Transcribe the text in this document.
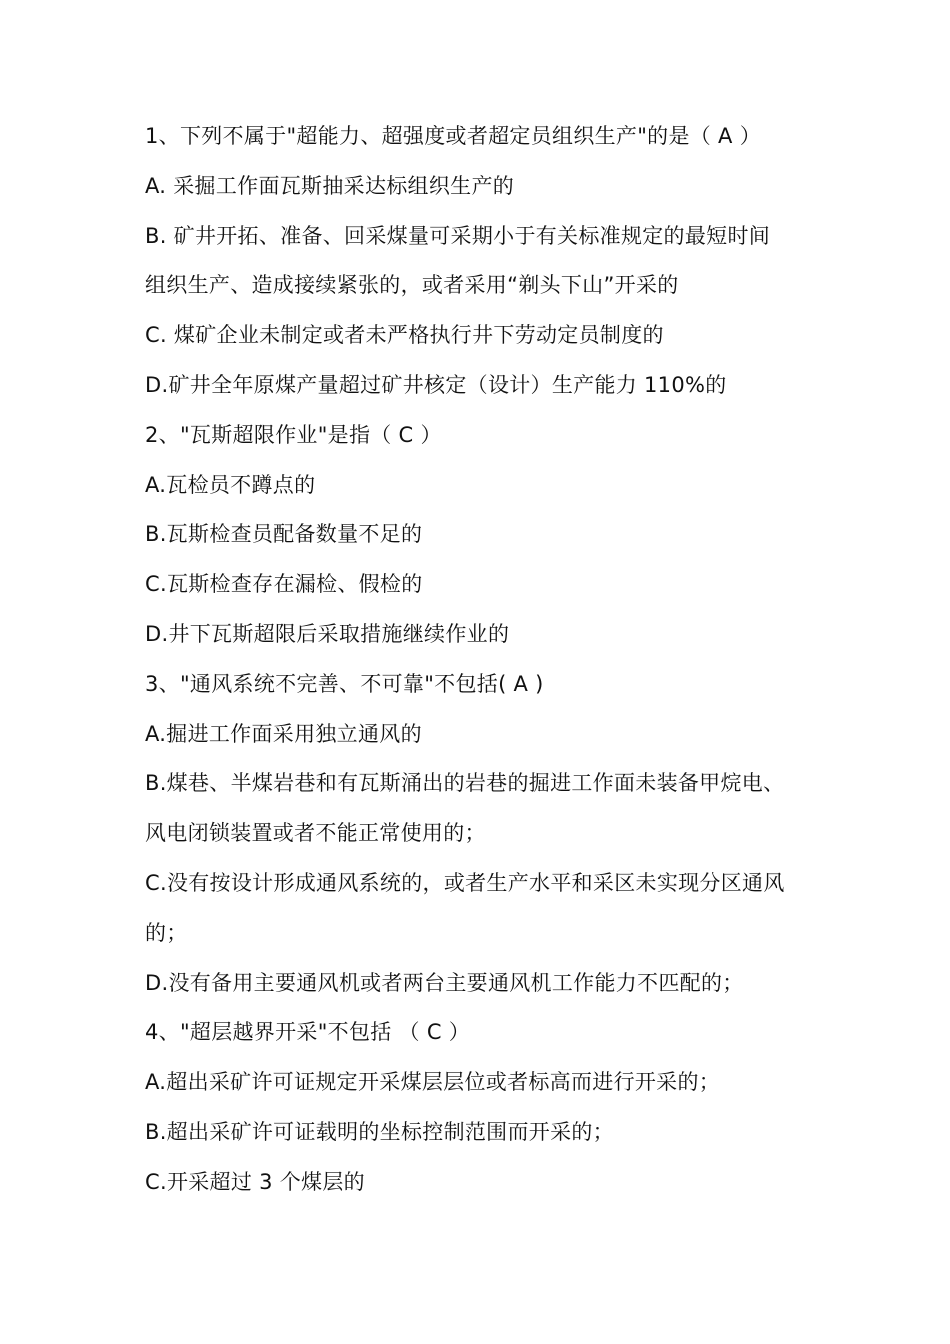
1、下列不属于"超能力、超强度或者超定员组织生产"的是（ A ）
A. 采掘工作面瓦斯抽采达标组织生产的
B. 矿井开拓、准备、回采煤量可采期小于有关标准规定的最短时间
组织生产、造成接续紧张的，或者采用“剃头下山”开采的
C. 煤矿企业未制定或者未严格执行井下劳动定员制度的
D.矿井全年原煤产量超过矿井核定（设计）生产能力 110%的
2、"瓦斯超限作业"是指（ C ）
A.瓦检员不蹲点的
B.瓦斯检查员配备数量不足的
C.瓦斯检查存在漏检、假检的
D.井下瓦斯超限后采取措施继续作业的
3、"通风系统不完善、不可靠"不包括( A )
A.掘进工作面采用独立通风的
B.煤巷、半煤岩巷和有瓦斯涌出的岩巷的掘进工作面未装备甲烷电、
风电闭锁装置或者不能正常使用的；
C.没有按设计形成通风系统的，或者生产水平和采区未实现分区通风
的；
D.没有备用主要通风机或者两台主要通风机工作能力不匹配的；
4、"超层越界开采"不包括 （ C ）
A.超出采矿许可证规定开采煤层层位或者标高而进行开采的；
B.超出采矿许可证载明的坐标控制范围而开采的；
C.开采超过 3 个煤层的
